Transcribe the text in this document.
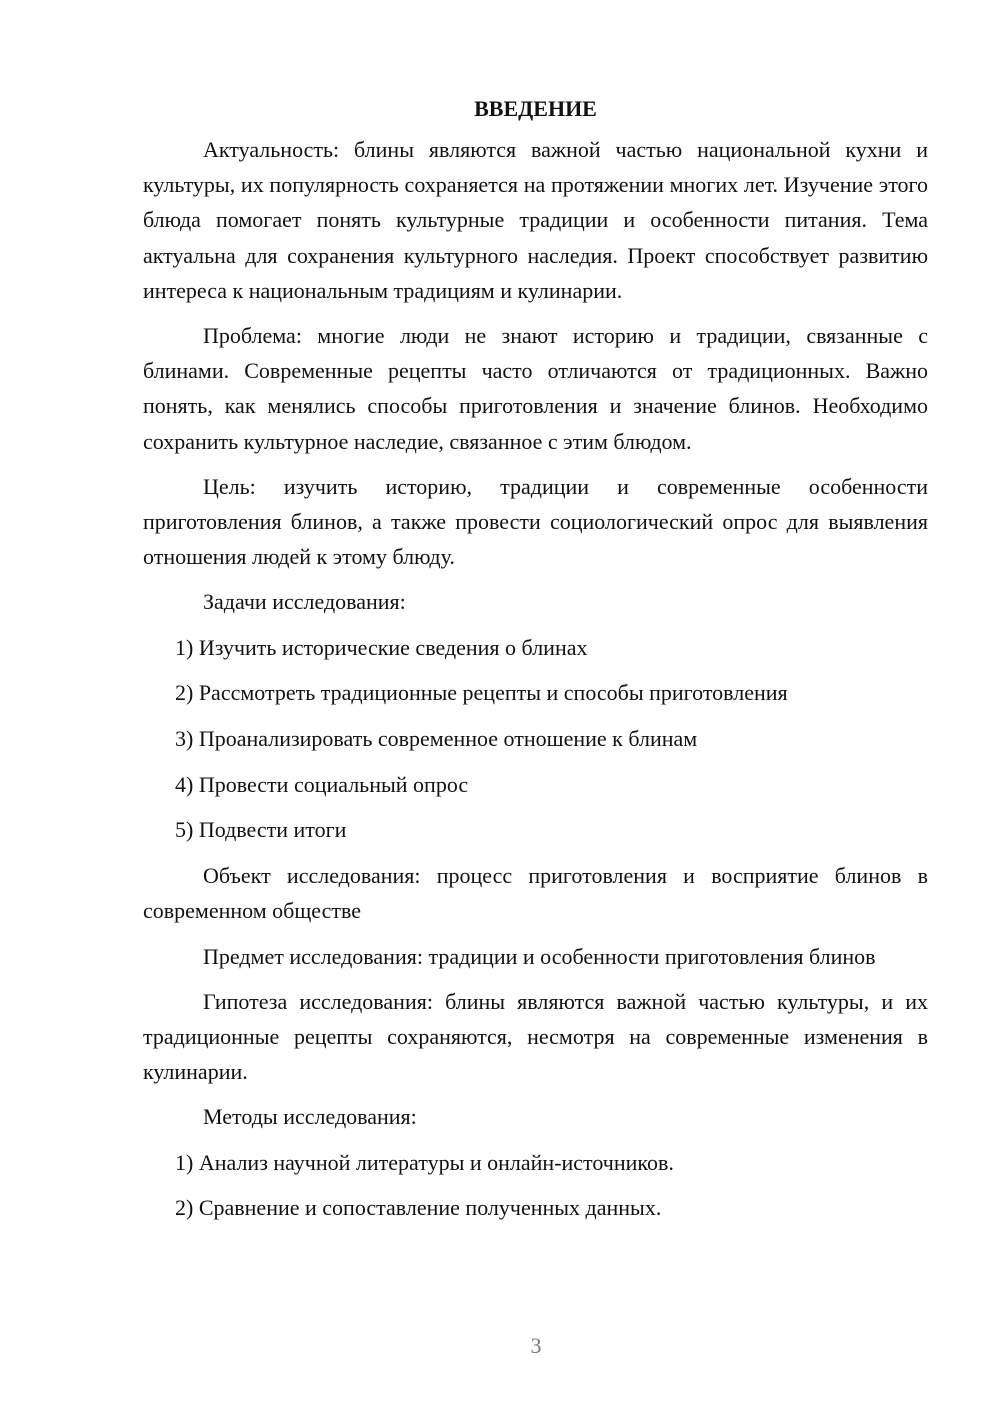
ВВЕДЕНИЕ
Актуальность: блины являются важной частью национальной кухни и культуры, их популярность сохраняется на протяжении многих лет. Изучение этого блюда помогает понять культурные традиции и особенности питания. Тема актуальна для сохранения культурного наследия. Проект способствует развитию интереса к национальным традициям и кулинарии.
Проблема: многие люди не знают историю и традиции, связанные с блинами. Современные рецепты часто отличаются от традиционных. Важно понять, как менялись способы приготовления и значение блинов. Необходимо сохранить культурное наследие, связанное с этим блюдом.
Цель: изучить историю, традиции и современные особенности приготовления блинов, а также провести социологический опрос для выявления отношения людей к этому блюду.
Задачи исследования:
1) Изучить исторические сведения о блинах
2) Рассмотреть традиционные рецепты и способы приготовления
3) Проанализировать современное отношение к блинам
4) Провести социальный опрос
5) Подвести итоги
Объект исследования: процесс приготовления и восприятие блинов в современном обществе
Предмет исследования: традиции и особенности приготовления блинов
Гипотеза исследования: блины являются важной частью культуры, и их традиционные рецепты сохраняются, несмотря на современные изменения в кулинарии.
Методы исследования:
1) Анализ научной литературы и онлайн-источников.
2) Сравнение и сопоставление полученных данных.
3
